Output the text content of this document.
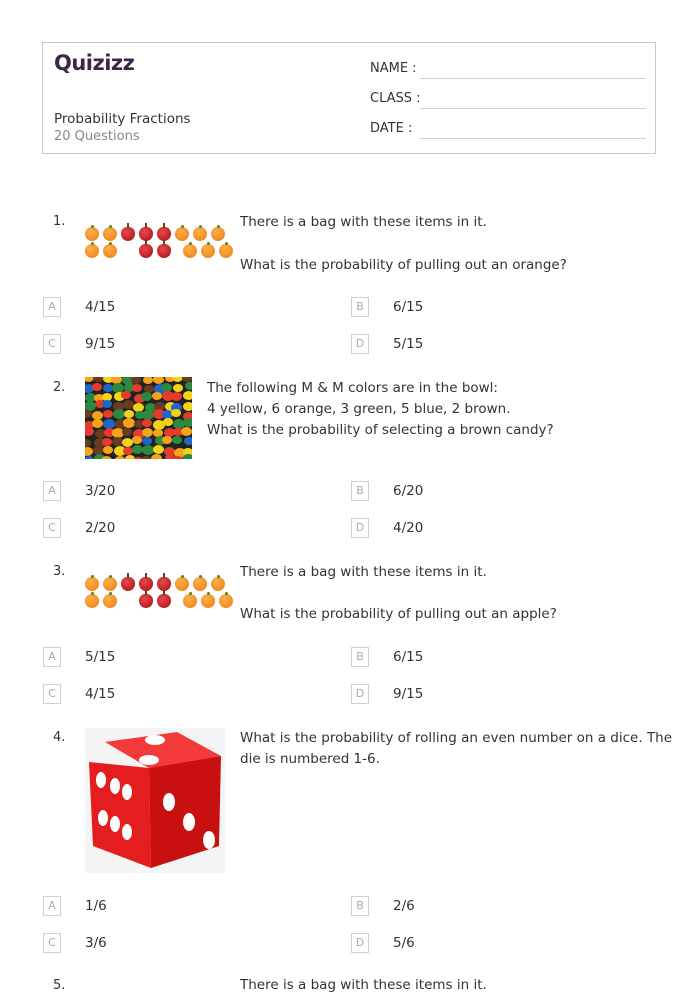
Quizizz
Probability Fractions
20 Questions
NAME :
CLASS :
DATE :
1.	There is a bag with these items in it.
What is the probability of pulling out an orange?
A	4/15	B	6/15
C	9/15	D	5/15
2.	The following M & M colors are in the bowl:
4 yellow, 6 orange, 3 green, 5 blue, 2 brown.
What is the probability of selecting a brown candy?
A	3/20	B	6/20
C	2/20	D	4/20
3.	There is a bag with these items in it.
What is the probability of pulling out an apple?
A	5/15	B	6/15
C	4/15	D	9/15
4.	What is the probability of rolling an even number on a dice. The
die is numbered 1-6.
A	1/6	B	2/6
C	3/6	D	5/6
5.	There is a bag with these items in it.
